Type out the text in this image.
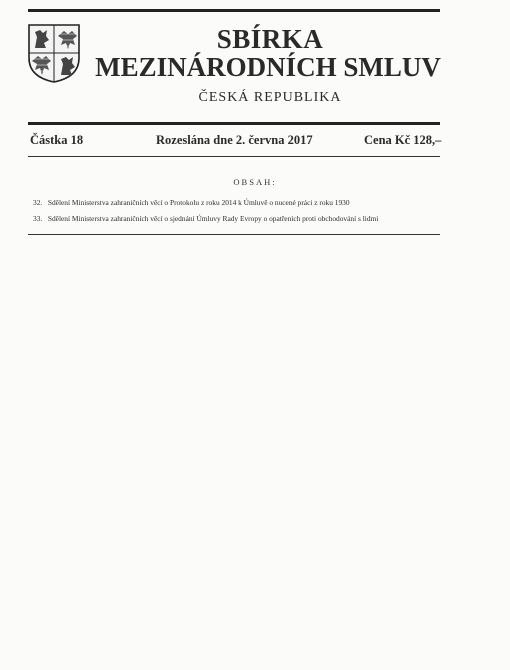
SBÍRKA
MEZINÁRODNÍCH SMLUV
ČESKÁ REPUBLIKA
Částka 18	Rozeslána dne 2. června 2017	Cena Kč 128,–
OBSAH:
32. Sdělení Ministerstva zahraničních věcí o Protokolu z roku 2014 k Úmluvě o nucené práci z roku 1930
33. Sdělení Ministerstva zahraničních věcí o sjednání Úmluvy Rady Evropy o opatřeních proti obchodování s lidmi
